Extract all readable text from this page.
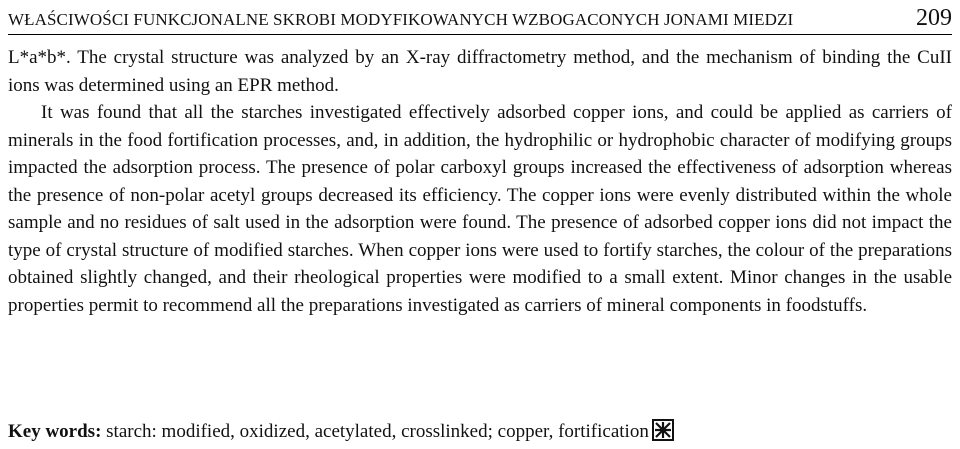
WŁAŚCIWOŚCI FUNKCJONALNE SKROBI MODYFIKOWANYCH WZBOGACONYCH JONAMI MIEDZI	209

L*a*b*. The crystal structure was analyzed by an X-ray diffractometry method, and the mechanism of binding the CuII ions was determined using an EPR method.

It was found that all the starches investigated effectively adsorbed copper ions, and could be applied as carriers of minerals in the food fortification processes, and, in addition, the hydrophilic or hydrophobic character of modifying groups impacted the adsorption process. The presence of polar carboxyl groups increased the effectiveness of adsorption whereas the presence of non-polar acetyl groups decreased its efficiency. The copper ions were evenly distributed within the whole sample and no residues of salt used in the adsorption were found. The presence of adsorbed copper ions did not impact the type of crystal structure of modified starches. When copper ions were used to fortify starches, the colour of the preparations obtained slightly changed, and their rheological properties were modified to a small extent. Minor changes in the usable properties permit to recommend all the preparations investigated as carriers of mineral components in foodstuffs.

Key words: starch: modified, oxidized, acetylated, crosslinked; copper, fortification
